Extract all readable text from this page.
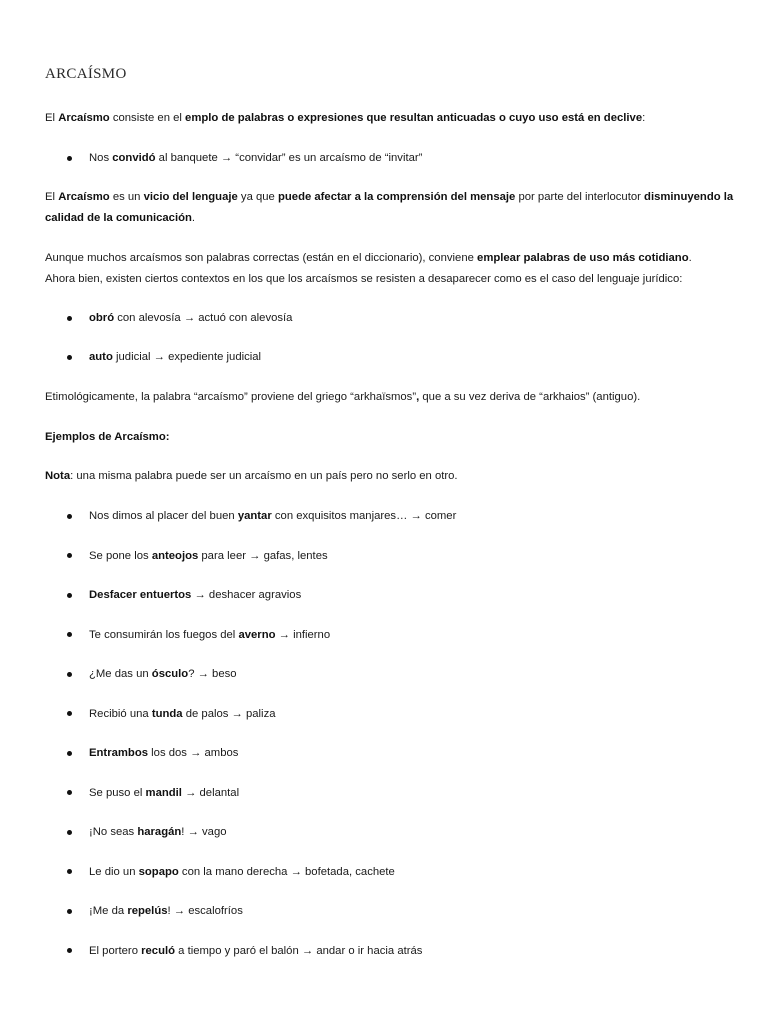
ARCAÍSMO

El Arcaísmo consiste en el emplo de palabras o expresiones que resultan anticuadas o cuyo uso está en declive:

Nos convidó al banquete → “convidar” es un arcaísmo de “invitar”

El Arcaísmo es un vicio del lenguaje ya que puede afectar a la comprensión del mensaje por parte del interlocutor disminuyendo la calidad de la comunicación.

Aunque muchos arcaísmos son palabras correctas (están en el diccionario), conviene emplear palabras de uso más cotidiano.
Ahora bien, existen ciertos contextos en los que los arcaísmos se resisten a desaparecer como es el caso del lenguaje jurídico:

obró con alevosía → actuó con alevosía
auto judicial → expediente judicial

Etimológicamente, la palabra “arcaísmo” proviene del griego “arkhaïsmos”, que a su vez deriva de “arkhaios” (antiguo).

Ejemplos de Arcaísmo:

Nota: una misma palabra puede ser un arcaísmo en un país pero no serlo en otro.

Nos dimos al placer del buen yantar con exquisitos manjares… → comer
Se pone los anteojos para leer → gafas, lentes
Desfacer entuertos → deshacer agravios
Te consumirán los fuegos del averno → infierno
¿Me das un ósculo? → beso
Recibió una tunda de palos → paliza
Entrambos los dos → ambos
Se puso el mandil → delantal
¡No seas haragán! → vago
Le dio un sopapo con la mano derecha → bofetada, cachete
¡Me da repelús! → escalofríos
El portero reculó a tiempo y paró el balón → andar o ir hacia atrás
